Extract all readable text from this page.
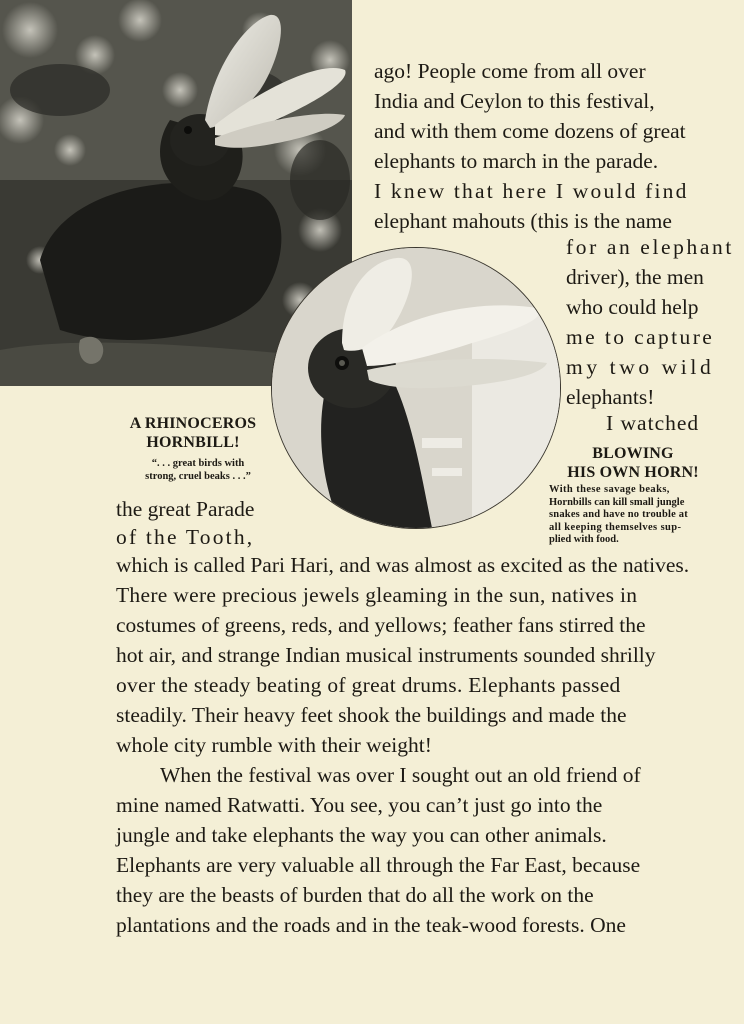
ago! People come from all over
India and Ceylon to this festival,
and with them come dozens of great
elephants to march in the parade.
I knew that here I would find
elephant mahouts (this is the name
for an elephant
driver), the men
who could help
me to capture
my two wild
elephants!
I watched
A RHINOCEROS
HORNBILL!
“. . . great birds with
strong, cruel beaks . . .”
BLOWING
HIS OWN HORN!
With these savage beaks,
Hornbills can kill small jungle
snakes and have no trouble at
all keeping themselves sup-
plied with food.
the great Parade
of the Tooth,
which is called Pari Hari, and was almost as excited as the natives.
There were precious jewels gleaming in the sun, natives in
costumes of greens, reds, and yellows; feather fans stirred the
hot air, and strange Indian musical instruments sounded shrilly
over the steady beating of great drums. Elephants passed
steadily. Their heavy feet shook the buildings and made the
whole city rumble with their weight!
When the festival was over I sought out an old friend of
mine named Ratwatti. You see, you can’t just go into the
jungle and take elephants the way you can other animals.
Elephants are very valuable all through the Far East, because
they are the beasts of burden that do all the work on the
plantations and the roads and in the teak-wood forests. One
